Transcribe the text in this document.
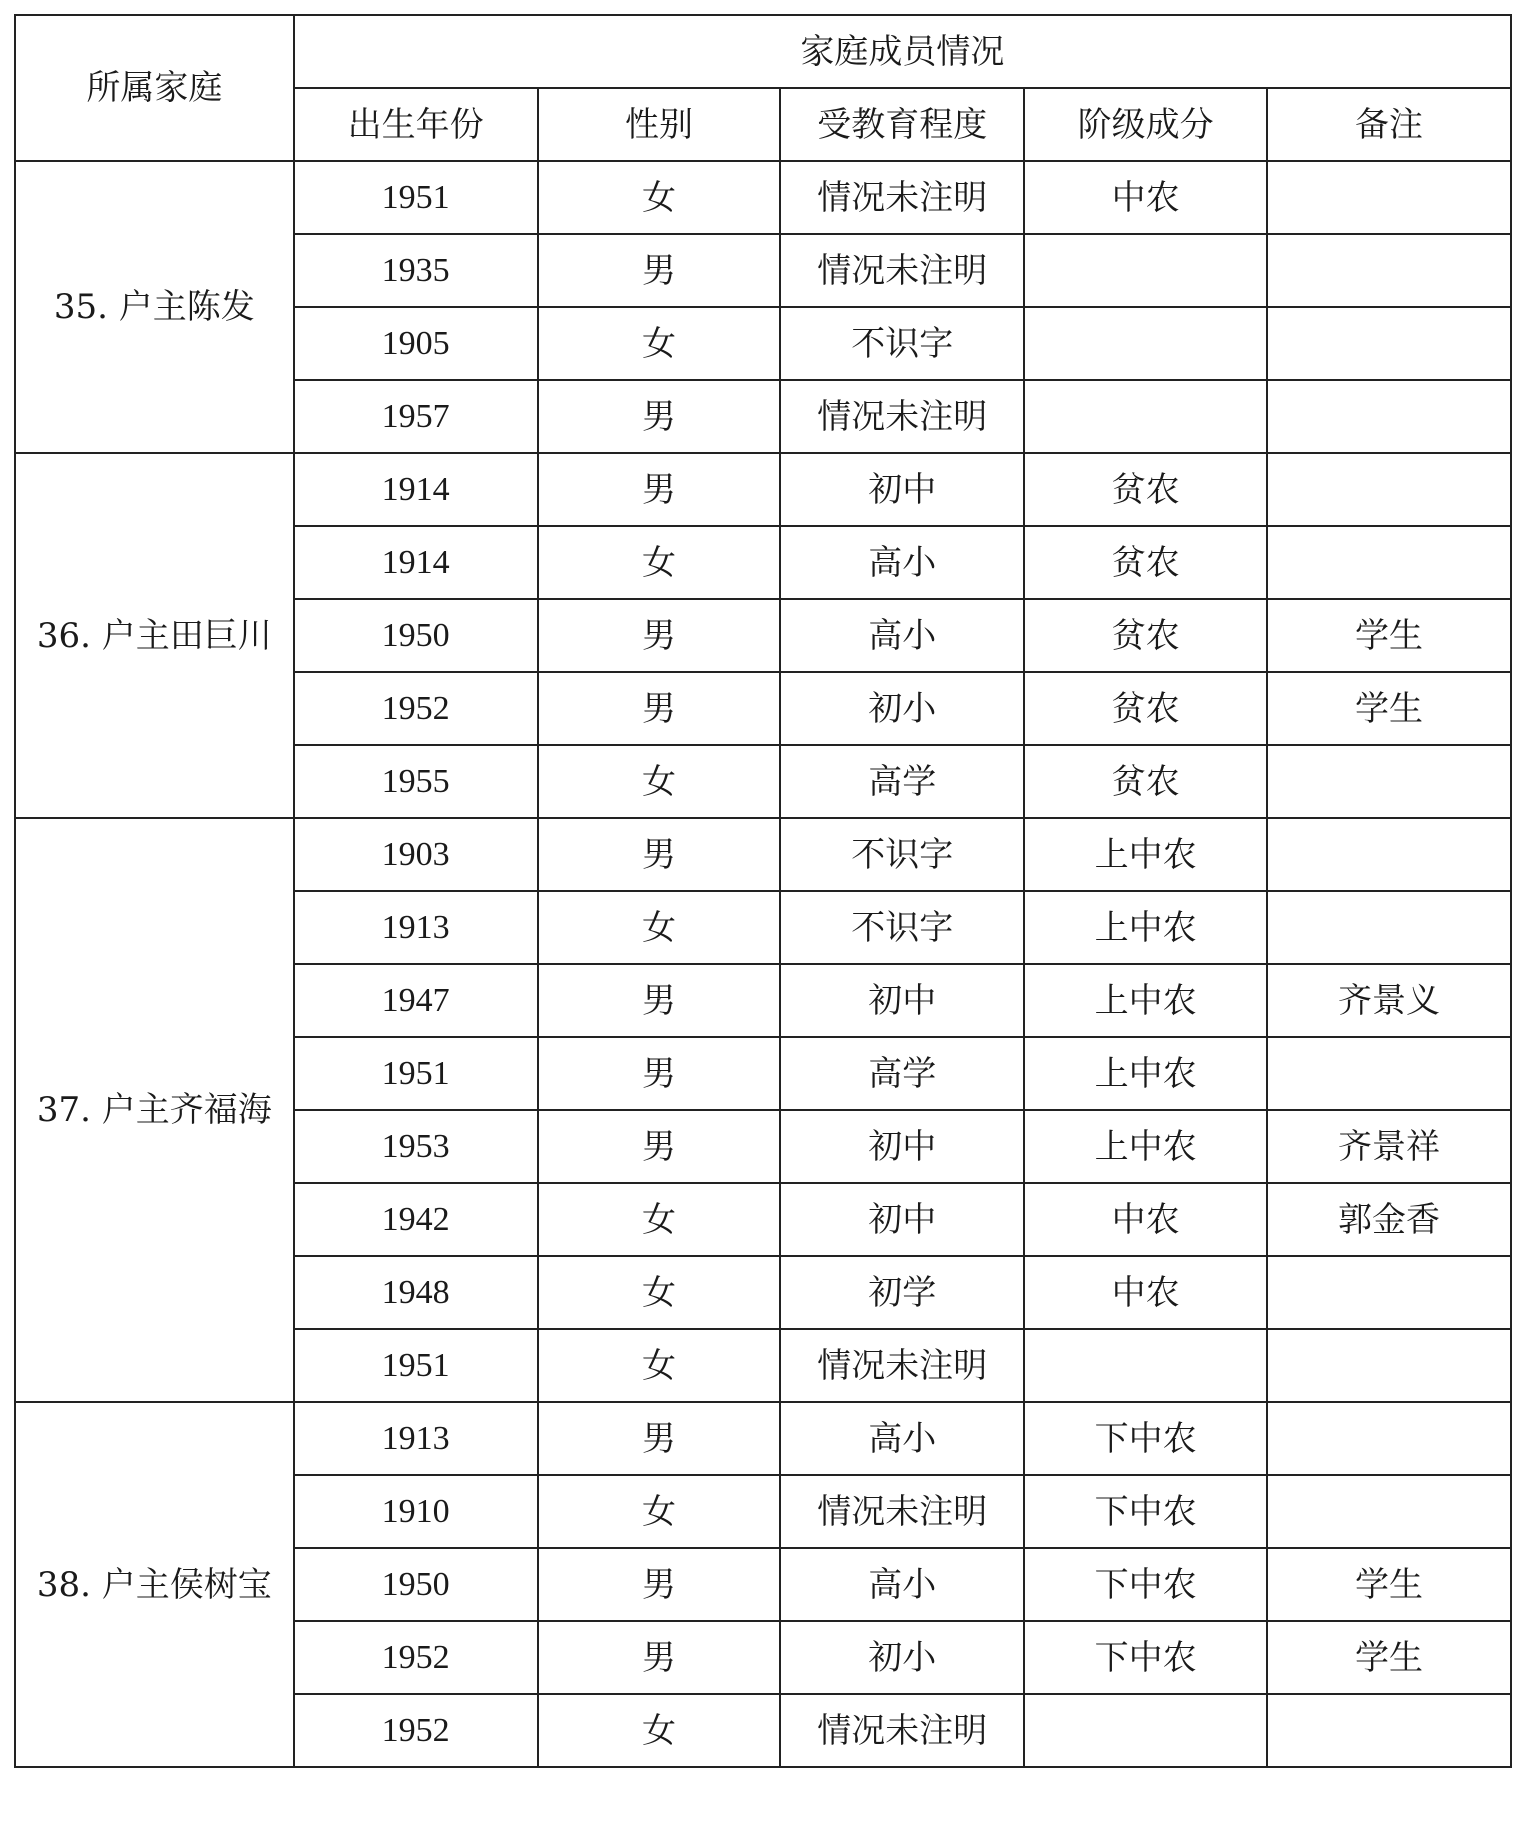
所属家庭	家庭成员情况				
	出生年份	性别	受教育程度	阶级成分	备注
35. 户主陈发	1951	女	情况未注明	中农	
	1935	男	情况未注明		
	1905	女	不识字		
	1957	男	情况未注明		
36. 户主田巨川	1914	男	初中	贫农	
	1914	女	高小	贫农	
	1950	男	高小	贫农	学生
	1952	男	初小	贫农	学生
	1955	女	高学	贫农	
37. 户主齐福海	1903	男	不识字	上中农	
	1913	女	不识字	上中农	
	1947	男	初中	上中农	齐景义
	1951	男	高学	上中农	
	1953	男	初中	上中农	齐景祥
	1942	女	初中	中农	郭金香
	1948	女	初学	中农	
	1951	女	情况未注明		
38. 户主侯树宝	1913	男	高小	下中农	
	1910	女	情况未注明	下中农	
	1950	男	高小	下中农	学生
	1952	男	初小	下中农	学生
	1952	女	情况未注明		
